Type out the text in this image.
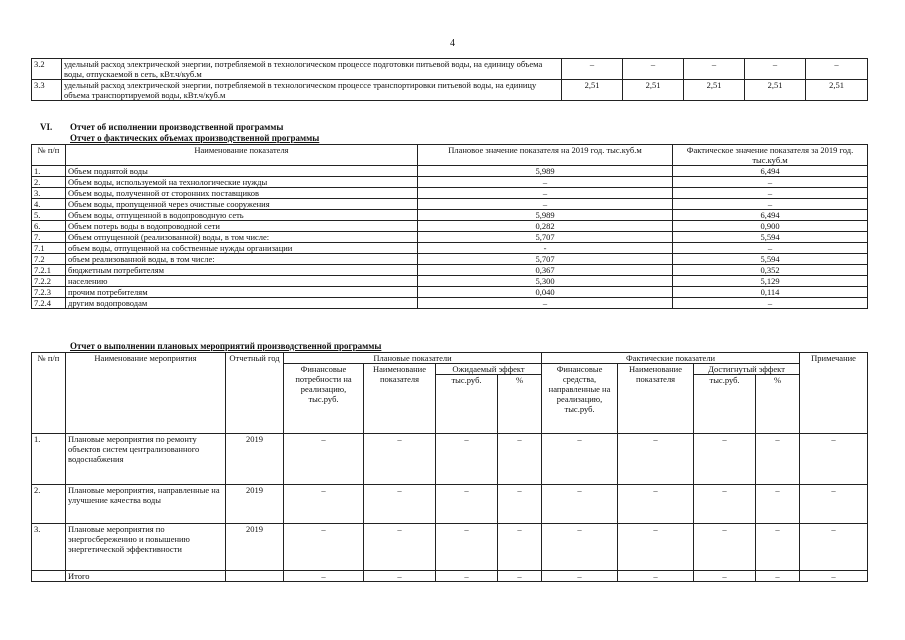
4
3.2	удельный расход электрической энергии, потребляемой в технологическом процессе подготовки питьевой воды, на единицу объема воды, отпускаемой в сеть, кВт.ч/куб.м	–	–	–	–	–
3.3	удельный расход электрической энергии, потребляемой в технологическом процессе транспортировки питьевой воды, на единицу объема транспортируемой воды, кВт.ч/куб.м	2,51	2,51	2,51	2,51	2,51
VI. Отчет об исполнении производственной программы
Отчет о фактических объемах производственной программы
№ п/п	Наименование показателя	Плановое значение показателя на 2019 год. тыс.куб.м	Фактическое значение показателя за 2019 год. тыс.куб.м
1.	Объем поднятой воды	5,989	6,494
2.	Объем воды, используемой на технологические нужды	–	–
3.	Объем воды, полученной от сторонних поставщиков	–	–
4.	Объем воды, пропущенной через очистные сооружения	–	–
5.	Объем воды, отпущенной в водопроводную сеть	5,989	6,494
6.	Объем потерь воды в водопроводной сети	0,282	0,900
7.	Объем отпущенной (реализованной) воды, в том числе:	5,707	5,594
7.1	объем воды, отпущенной на собственные нужды организации	-	–
7.2	объем реализованной воды, в том числе:	5,707	5,594
7.2.1	бюджетным потребителям	0,367	0,352
7.2.2	населению	5,300	5,129
7.2.3	прочим потребителям	0,040	0,114
7.2.4	другим водопроводам	–	–
Отчет о выполнении плановых мероприятий производственной программы
№ п/п	Наименование мероприятия	Отчетный год	Плановые показатели				Фактические показатели				Примечание
			Финансовые потребности на реализацию, тыс.руб.	Наименование показателя	Ожидаемый эффект		Финансовые средства, направленные на реализацию, тыс.руб.	Наименование показателя	Достигнутый эффект		
					тыс.руб.	%			тыс.руб.	%	
1.	Плановые мероприятия по ремонту объектов систем централизованного водоснабжения	2019	–	–	–	–	–	–	–	–	–
2.	Плановые мероприятия, направленные на улучшение качества воды	2019	–	–	–	–	–	–	–	–	–
3.	Плановые мероприятия по энергосбережению и повышению энергетической эффективности	2019	–	–	–	–	–	–	–	–	–
	Итого		–	–	–	–	–	–	–	–	–
